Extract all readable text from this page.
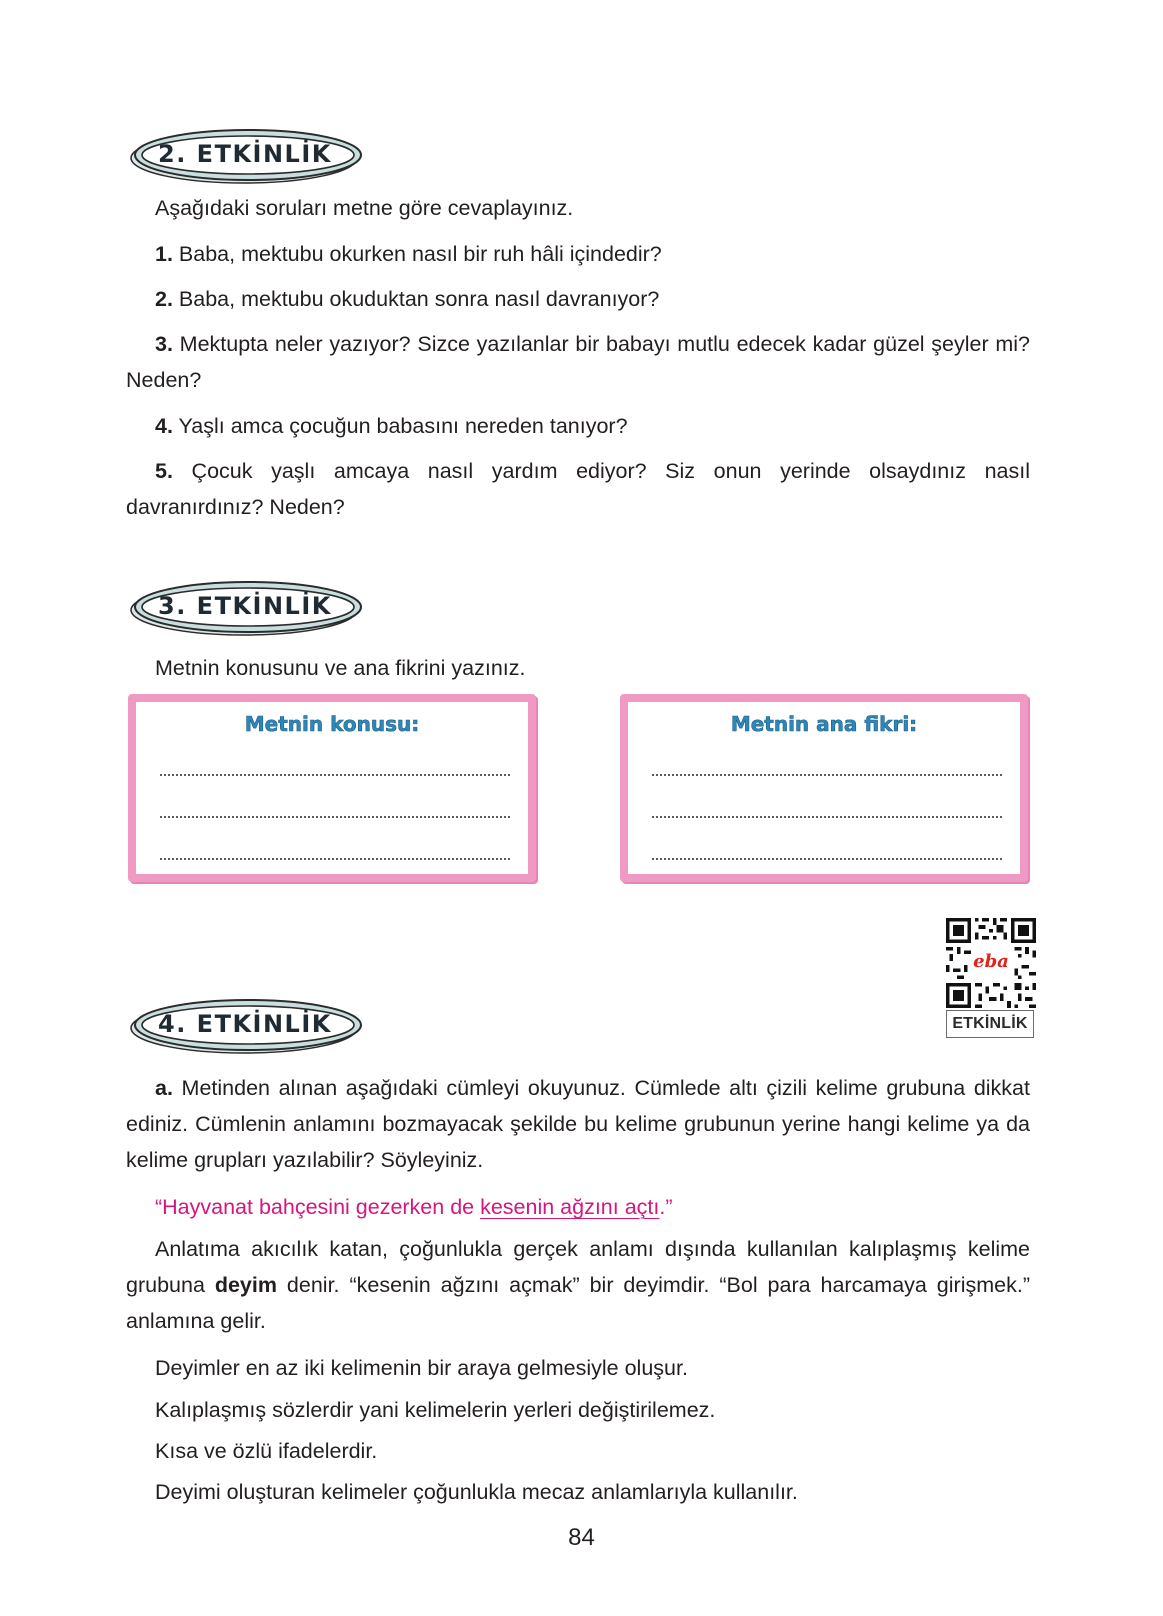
2. ETKİNLİK

Aşağıdaki soruları metne göre cevaplayınız.

1. Baba, mektubu okurken nasıl bir ruh hâli içindedir?

2. Baba, mektubu okuduktan sonra nasıl davranıyor?

3. Mektupta neler yazıyor? Sizce yazılanlar bir babayı mutlu edecek kadar güzel şeyler mi? Neden?

4. Yaşlı amca çocuğun babasını nereden tanıyor?

5. Çocuk yaşlı amcaya nasıl yardım ediyor? Siz onun yerinde olsaydınız nasıl davranırdınız? Neden?

3. ETKİNLİK

Metnin konusunu ve ana fikrini yazınız.

Metnin konusu:	Metnin ana fikri:
eba
ETKİNLİK
4. ETKİNLİK

a. Metinden alınan aşağıdaki cümleyi okuyunuz. Cümlede altı çizili kelime grubuna dikkat ediniz. Cümlenin anlamını bozmayacak şekilde bu kelime grubunun yerine hangi kelime ya da kelime grupları yazılabilir? Söyleyiniz.

“Hayvanat bahçesini gezerken de kesenin ağzını açtı.”

Anlatıma akıcılık katan, çoğunlukla gerçek anlamı dışında kullanılan kalıplaşmış kelime grubuna deyim denir. “kesenin ağzını açmak” bir deyimdir. “Bol para harcamaya girişmek.” anlamına gelir.

Deyimler en az iki kelimenin bir araya gelmesiyle oluşur.

Kalıplaşmış sözlerdir yani kelimelerin yerleri değiştirilemez.

Kısa ve özlü ifadelerdir.

Deyimi oluşturan kelimeler çoğunlukla mecaz anlamlarıyla kullanılır.

84
